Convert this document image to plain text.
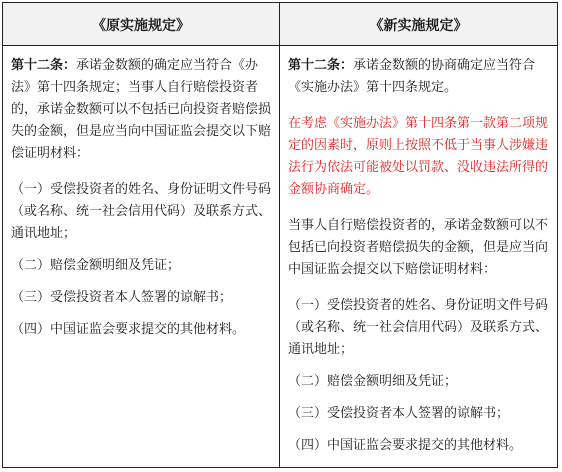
《原实施规定》	《新实施规定》

第十二条：承诺金数额的确定应当符合《办法》第十四条规定；当事人自行赔偿投资者的，承诺金数额可以不包括已向投资者赔偿损失的金额，但是应当向中国证监会提交以下赔偿证明材料：

（一）受偿投资者的姓名、身份证明文件号码（或名称、统一社会信用代码）及联系方式、通讯地址；

（二）赔偿金额明细及凭证；

（三）受偿投资者本人签署的谅解书；

（四）中国证监会要求提交的其他材料。

第十二条：承诺金数额的协商确定应当符合《实施办法》第十四条规定。

在考虑《实施办法》第十四条第一款第二项规定的因素时，原则上按照不低于当事人涉嫌违法行为依法可能被处以罚款、没收违法所得的金额协商确定。

当事人自行赔偿投资者的，承诺金数额可以不包括已向投资者赔偿损失的金额，但是应当向中国证监会提交以下赔偿证明材料：

（一）受偿投资者的姓名、身份证明文件号码（或名称、统一社会信用代码）及联系方式、通讯地址；

（二）赔偿金额明细及凭证；

（三）受偿投资者本人签署的谅解书；

（四）中国证监会要求提交的其他材料。
